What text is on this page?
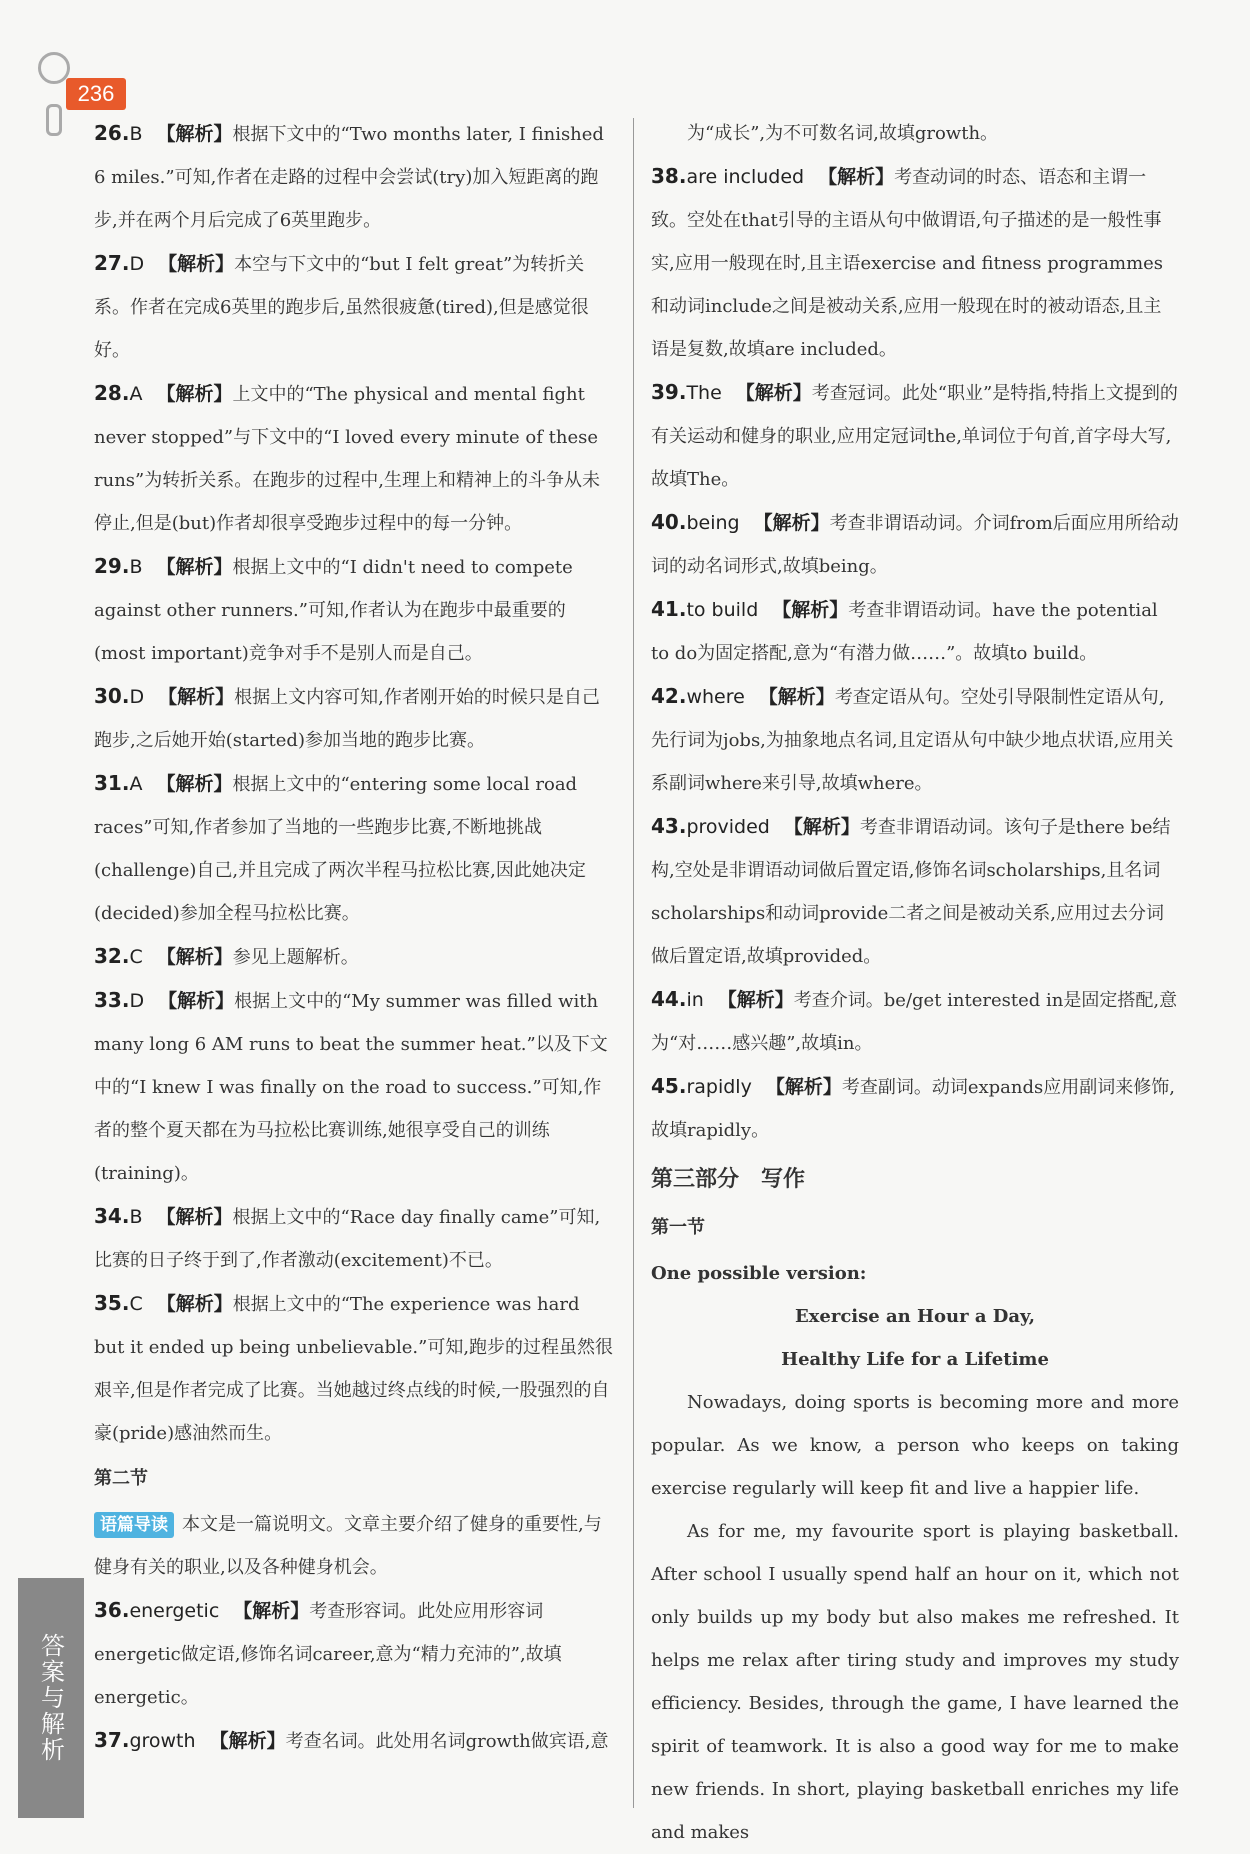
236
答案与解析

26.B 【解析】根据下文中的“Two months later, I finished 6 miles.”可知,作者在走路的过程中会尝试(try)加入短距离的跑步,并在两个月后完成了6英里跑步。

27.D 【解析】本空与下文中的“but I felt great”为转折关系。作者在完成6英里的跑步后,虽然很疲惫(tired),但是感觉很好。

28.A 【解析】上文中的“The physical and mental fight never stopped”与下文中的“I loved every minute of these runs”为转折关系。在跑步的过程中,生理上和精神上的斗争从未停止,但是(but)作者却很享受跑步过程中的每一分钟。

29.B 【解析】根据上文中的“I didn't need to compete against other runners.”可知,作者认为在跑步中最重要的(most important)竞争对手不是别人而是自己。

30.D 【解析】根据上文内容可知,作者刚开始的时候只是自己跑步,之后她开始(started)参加当地的跑步比赛。

31.A 【解析】根据上文中的“entering some local road races”可知,作者参加了当地的一些跑步比赛,不断地挑战(challenge)自己,并且完成了两次半程马拉松比赛,因此她决定(decided)参加全程马拉松比赛。

32.C 【解析】参见上题解析。

33.D 【解析】根据上文中的“My summer was filled with many long 6 AM runs to beat the summer heat.”以及下文中的“I knew I was finally on the road to success.”可知,作者的整个夏天都在为马拉松比赛训练,她很享受自己的训练(training)。

34.B 【解析】根据上文中的“Race day finally came”可知,比赛的日子终于到了,作者激动(excitement)不已。

35.C 【解析】根据上文中的“The experience was hard but it ended up being unbelievable.”可知,跑步的过程虽然很艰辛,但是作者完成了比赛。当她越过终点线的时候,一股强烈的自豪(pride)感油然而生。

第二节

语篇导读 本文是一篇说明文。文章主要介绍了健身的重要性,与健身有关的职业,以及各种健身机会。

36.energetic 【解析】考查形容词。此处应用形容词energetic做定语,修饰名词career,意为“精力充沛的”,故填energetic。

37.growth 【解析】考查名词。此处用名词growth做宾语,意

为“成长”,为不可数名词,故填growth。

38.are included 【解析】考查动词的时态、语态和主谓一致。空处在that引导的主语从句中做谓语,句子描述的是一般性事实,应用一般现在时,且主语exercise and fitness programmes和动词include之间是被动关系,应用一般现在时的被动语态,且主语是复数,故填are included。

39.The 【解析】考查冠词。此处“职业”是特指,特指上文提到的有关运动和健身的职业,应用定冠词the,单词位于句首,首字母大写,故填The。

40.being 【解析】考查非谓语动词。介词from后面应用所给动词的动名词形式,故填being。

41.to build 【解析】考查非谓语动词。have the potential to do为固定搭配,意为“有潜力做……”。故填to build。

42.where 【解析】考查定语从句。空处引导限制性定语从句,先行词为jobs,为抽象地点名词,且定语从句中缺少地点状语,应用关系副词where来引导,故填where。

43.provided 【解析】考查非谓语动词。该句子是there be结构,空处是非谓语动词做后置定语,修饰名词scholarships,且名词scholarships和动词provide二者之间是被动关系,应用过去分词做后置定语,故填provided。

44.in 【解析】考查介词。be/get interested in是固定搭配,意为“对……感兴趣”,故填in。

45.rapidly 【解析】考查副词。动词expands应用副词来修饰,故填rapidly。

第三部分　写作
第一节

One possible version:

Exercise an Hour a Day,

Healthy Life for a Lifetime

Nowadays, doing sports is becoming more and more popular. As we know, a person who keeps on taking exercise regularly will keep fit and live a happier life.

As for me, my favourite sport is playing basketball. After school I usually spend half an hour on it, which not only builds up my body but also makes me refreshed. It helps me relax after tiring study and improves my study efficiency. Besides, through the game, I have learned the spirit of teamwork. It is also a good way for me to make new friends. In short, playing basketball enriches my life and makes
